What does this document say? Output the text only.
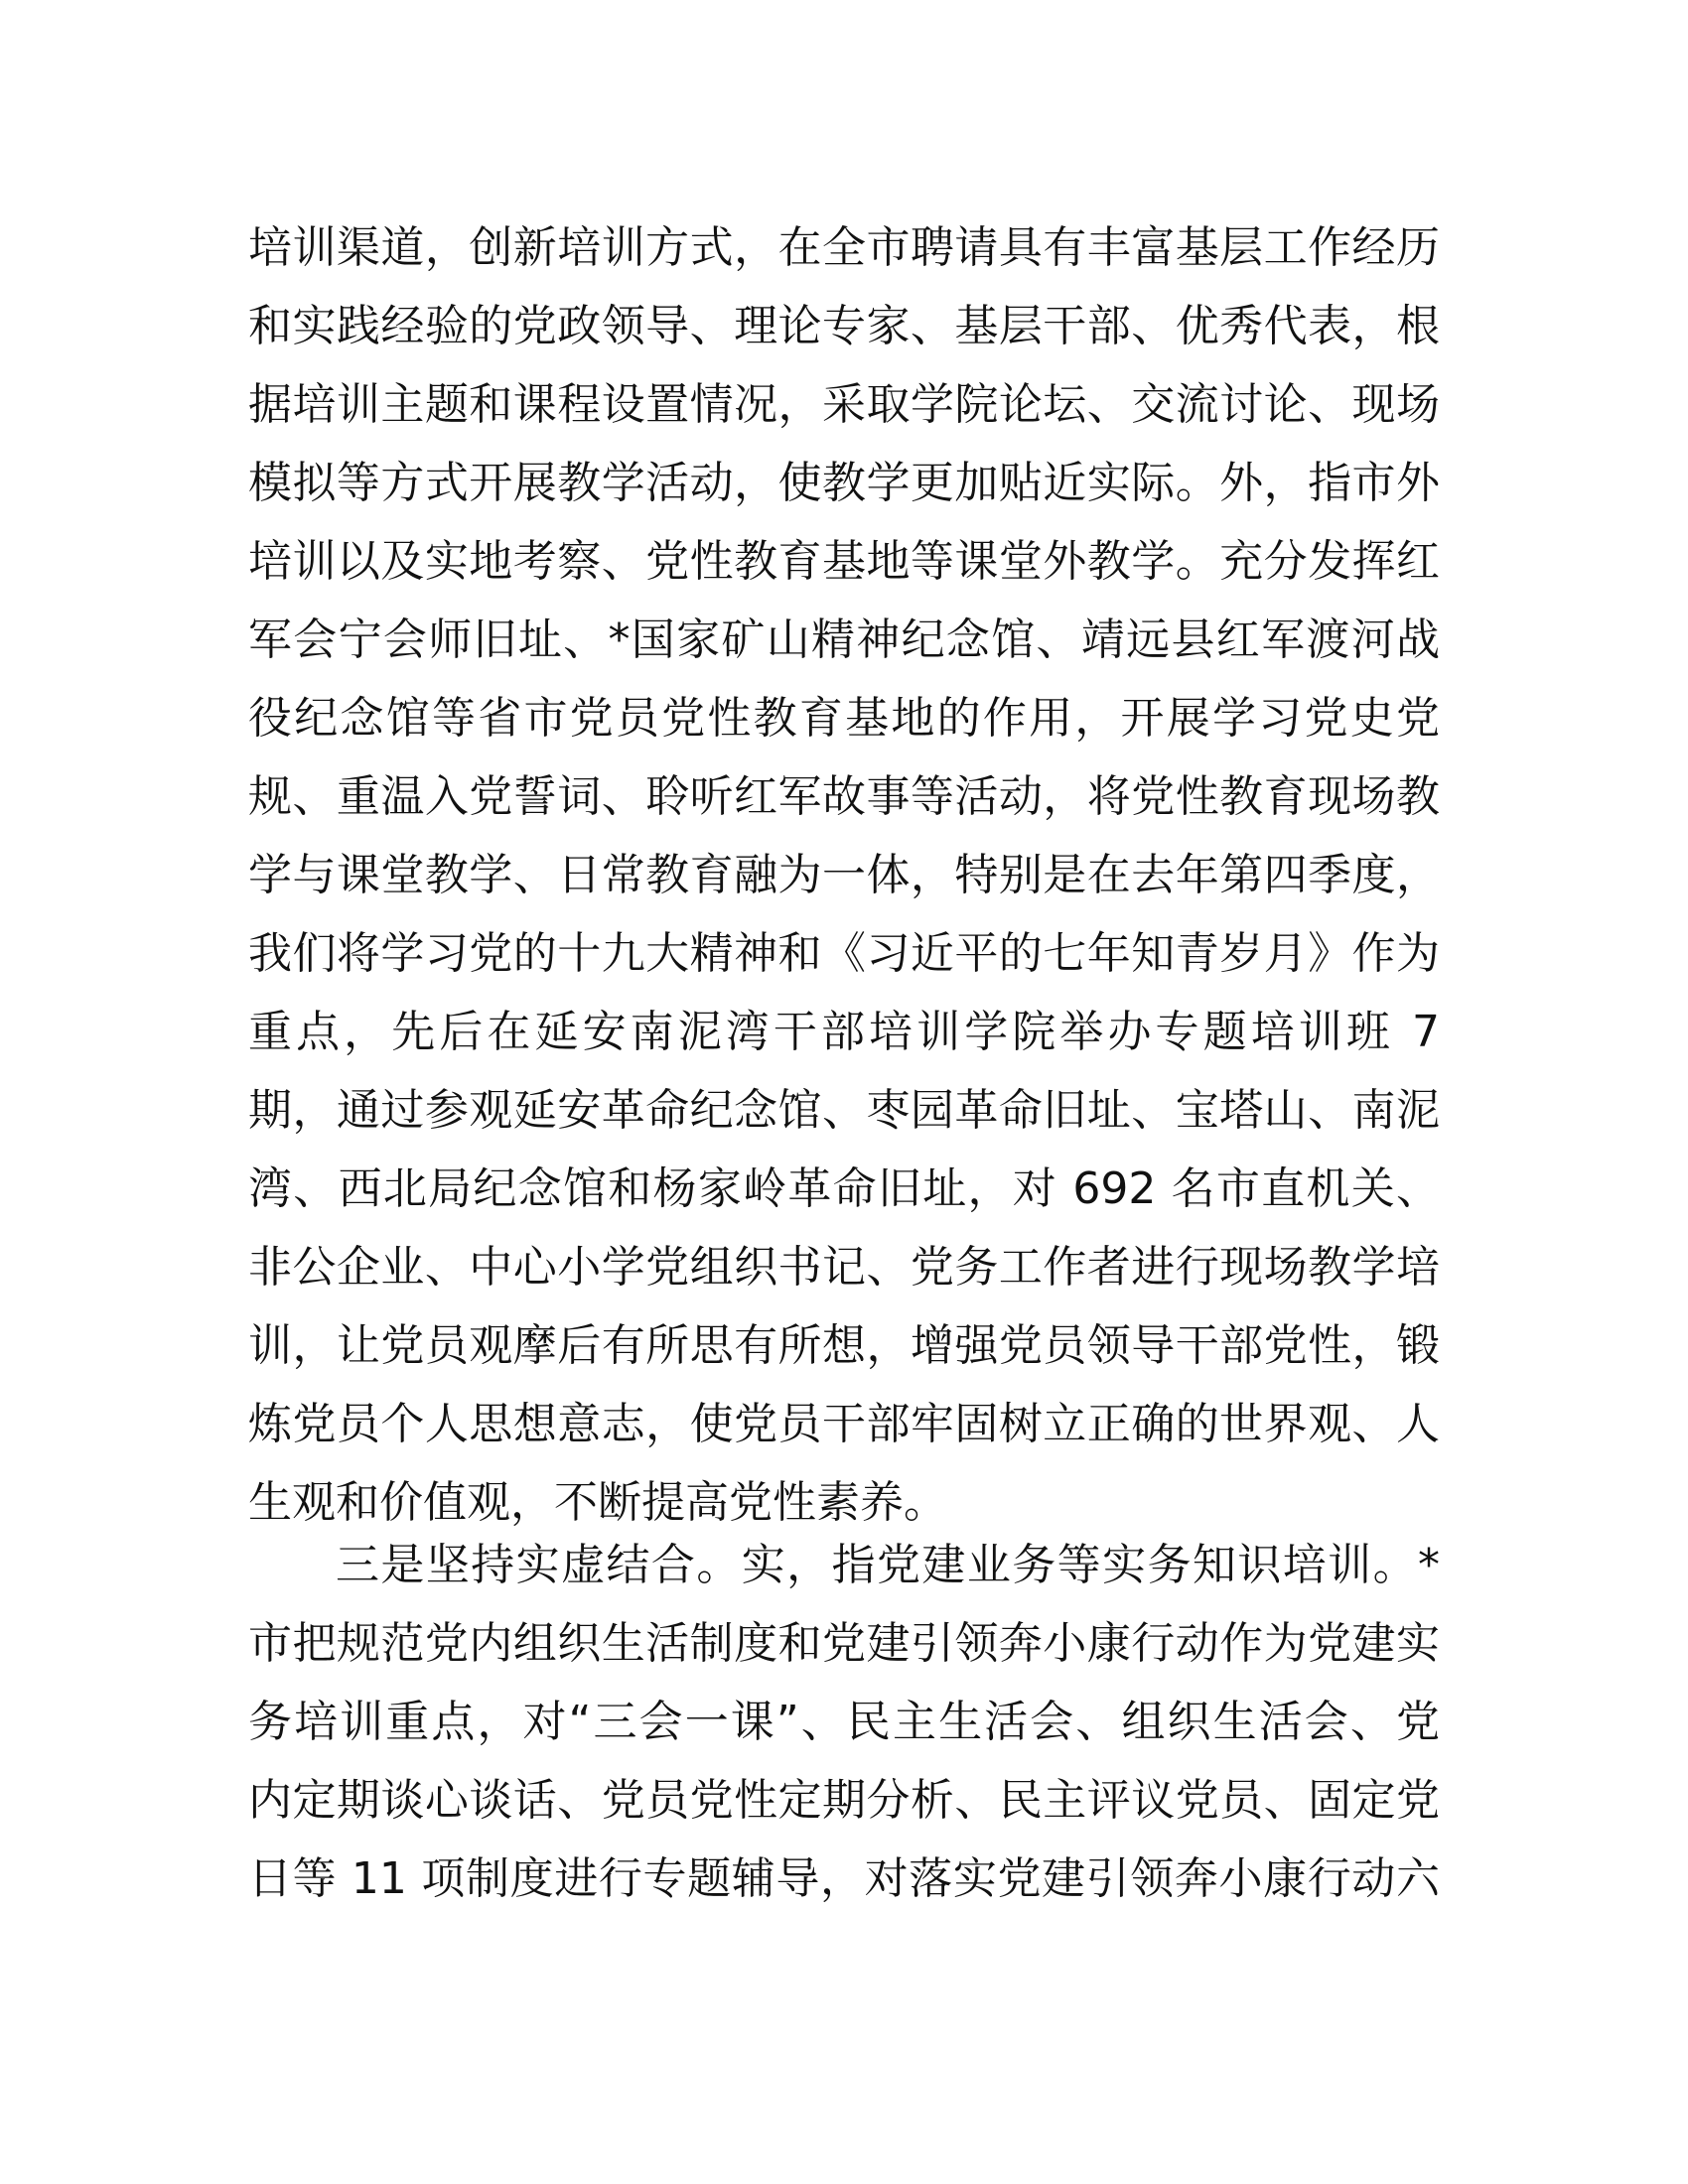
培训渠道，创新培训方式，在全市聘请具有丰富基层工作经历
和实践经验的党政领导、理论专家、基层干部、优秀代表，根
据培训主题和课程设置情况，采取学院论坛、交流讨论、现场
模拟等方式开展教学活动，使教学更加贴近实际。外，指市外
培训以及实地考察、党性教育基地等课堂外教学。充分发挥红
军会宁会师旧址、*国家矿山精神纪念馆、靖远县红军渡河战
役纪念馆等省市党员党性教育基地的作用，开展学习党史党
规、重温入党誓词、聆听红军故事等活动，将党性教育现场教
学与课堂教学、日常教育融为一体，特别是在去年第四季度，
我们将学习党的十九大精神和《习近平的七年知青岁月》作为
重点，先后在延安南泥湾干部培训学院举办专题培训班 7
期，通过参观延安革命纪念馆、枣园革命旧址、宝塔山、南泥
湾、西北局纪念馆和杨家岭革命旧址，对 692 名市直机关、
非公企业、中心小学党组织书记、党务工作者进行现场教学培
训，让党员观摩后有所思有所想，增强党员领导干部党性，锻
炼党员个人思想意志，使党员干部牢固树立正确的世界观、人
生观和价值观，不断提高党性素养。
三是坚持实虚结合。实，指党建业务等实务知识培训。*
市把规范党内组织生活制度和党建引领奔小康行动作为党建实
务培训重点，对“三会一课”、民主生活会、组织生活会、党
内定期谈心谈话、党员党性定期分析、民主评议党员、固定党
日等 11 项制度进行专题辅导，对落实党建引领奔小康行动六
